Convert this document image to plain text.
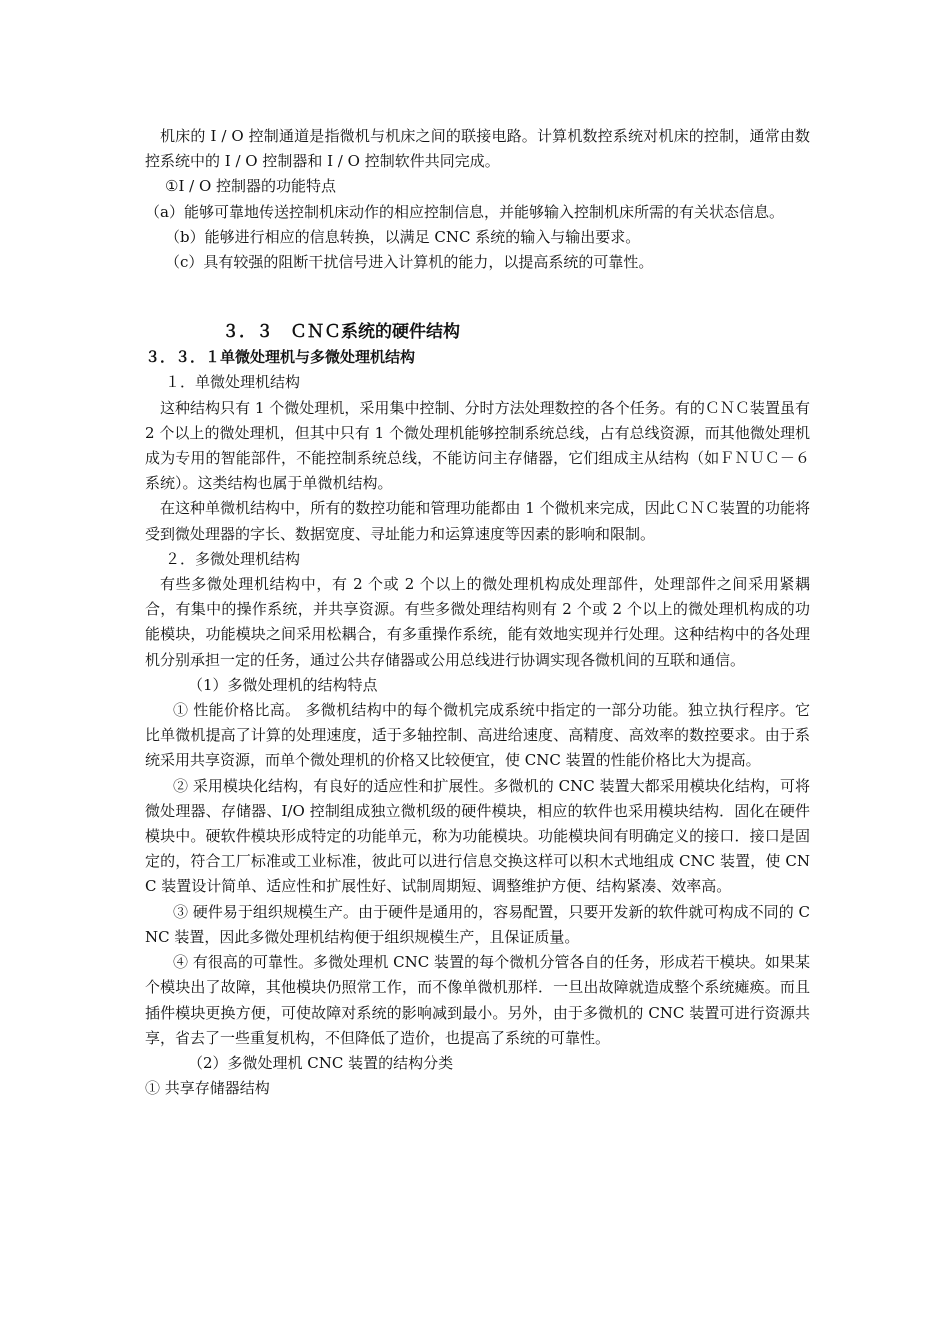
机床的 I / O 控制通道是指微机与机床之间的联接电路。计算机数控系统对机床的控制，通常由数控系统中的 I / O 控制器和 I / O 控制软件共同完成。

①I / O 控制器的功能特点

（a）能够可靠地传送控制机床动作的相应控制信息，并能够输入控制机床所需的有关状态信息。

（b）能够进行相应的信息转换，以满足 CNC 系统的输入与输出要求。

（c）具有较强的阻断干扰信号进入计算机的能力，以提高系统的可靠性。

３．３　ＣＮＣ系统的硬件结构
３．３．１单微处理机与多微处理机结构

１．单微处理机结构

这种结构只有 1 个微处理机，采用集中控制、分时方法处理数控的各个任务。有的ＣＮＣ装置虽有 2 个以上的微处理机，但其中只有 1 个微处理机能够控制系统总线，占有总线资源，而其他微处理机成为专用的智能部件，不能控制系统总线，不能访问主存储器，它们组成主从结构（如ＦＮＵＣ－６系统）。这类结构也属于单微机结构。

在这种单微机结构中，所有的数控功能和管理功能都由 1 个微机来完成，因此ＣＮＣ装置的功能将受到微处理器的字长、数据宽度、寻址能力和运算速度等因素的影响和限制。

２．多微处理机结构

有些多微处理机结构中，有 2 个或 2 个以上的微处理机构成处理部件，处理部件之间采用紧耦合，有集中的操作系统，并共享资源。有些多微处理结构则有 2 个或 2 个以上的微处理机构成的功能模块，功能模块之间采用松耦合，有多重操作系统，能有效地实现并行处理。这种结构中的各处理机分别承担一定的任务，通过公共存储器或公用总线进行协调实现各微机间的互联和通信。

（1）多微处理机的结构特点

① 性能价格比高。 多微机结构中的每个微机完成系统中指定的一部分功能。独立执行程序。它比单微机提高了计算的处理速度，适于多轴控制、高进给速度、高精度、高效率的数控要求。由于系统采用共享资源，而单个微处理机的价格又比较便宜，使 CNC 装置的性能价格比大为提高。

② 采用模块化结构，有良好的适应性和扩展性。多微机的 CNC 装置大都采用模块化结构，可将微处理器、存储器、I/O 控制组成独立微机级的硬件模块，相应的软件也采用模块结构．固化在硬件模块中。硬软件模块形成特定的功能单元，称为功能模块。功能模块间有明确定义的接口．接口是固定的，符合工厂标准或工业标准，彼此可以进行信息交换这样可以积木式地组成 CNC 装置，使 CNC 装置设计简单、适应性和扩展性好、试制周期短、调整维护方便、结构紧凑、效率高。

③ 硬件易于组织规模生产。由于硬件是通用的，容易配置，只要开发新的软件就可构成不同的 CNC 装置，因此多微处理机结构便于组织规模生产，且保证质量。

④ 有很高的可靠性。多微处理机 CNC 装置的每个微机分管各自的任务，形成若干模块。如果某个模块出了故障，其他模块仍照常工作，而不像单微机那样．一旦出故障就造成整个系统瘫痪。而且插件模块更换方便，可使故障对系统的影响减到最小。另外，由于多微机的 CNC 装置可进行资源共享，省去了一些重复机构，不但降低了造价，也提高了系统的可靠性。

（2）多微处理机 CNC 装置的结构分类

① 共享存储器结构
